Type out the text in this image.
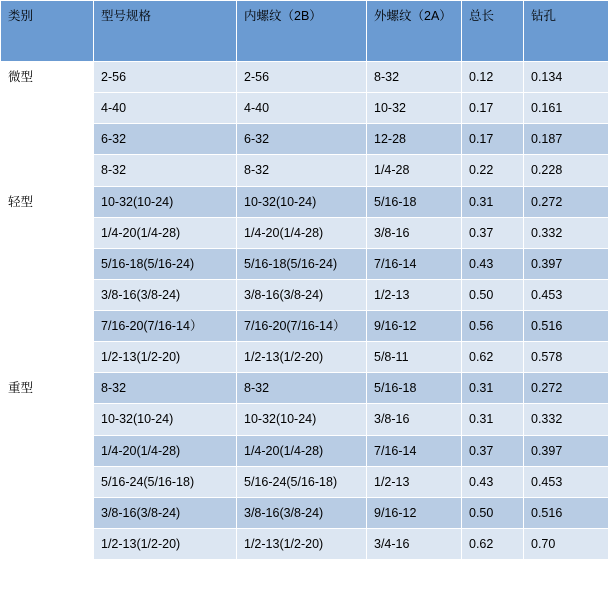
类别	型号规格	内螺纹（2B）	外螺纹（2A）	总长	钻孔

微型	2-56	2-56	8-32	0.12	0.134
	4-40	4-40	10-32	0.17	0.161
	6-32	6-32	12-28	0.17	0.187
	8-32	8-32	1/4-28	0.22	0.228

轻型	10-32(10-24)	10-32(10-24)	5/16-18	0.31	0.272
	1/4-20(1/4-28)	1/4-20(1/4-28)	3/8-16	0.37	0.332
	5/16-18(5/16-24)	5/16-18(5/16-24)	7/16-14	0.43	0.397
	3/8-16(3/8-24)	3/8-16(3/8-24)	1/2-13	0.50	0.453
	7/16-20(7/16-14）	7/16-20(7/16-14）	9/16-12	0.56	0.516
	1/2-13(1/2-20)	1/2-13(1/2-20)	5/8-11	0.62	0.578

重型	8-32	8-32	5/16-18	0.31	0.272
	10-32(10-24)	10-32(10-24)	3/8-16	0.31	0.332
	1/4-20(1/4-28)	1/4-20(1/4-28)	7/16-14	0.37	0.397
	5/16-24(5/16-18)	5/16-24(5/16-18)	1/2-13	0.43	0.453
	3/8-16(3/8-24)	3/8-16(3/8-24)	9/16-12	0.50	0.516
	1/2-13(1/2-20)	1/2-13(1/2-20)	3/4-16	0.62	0.70
